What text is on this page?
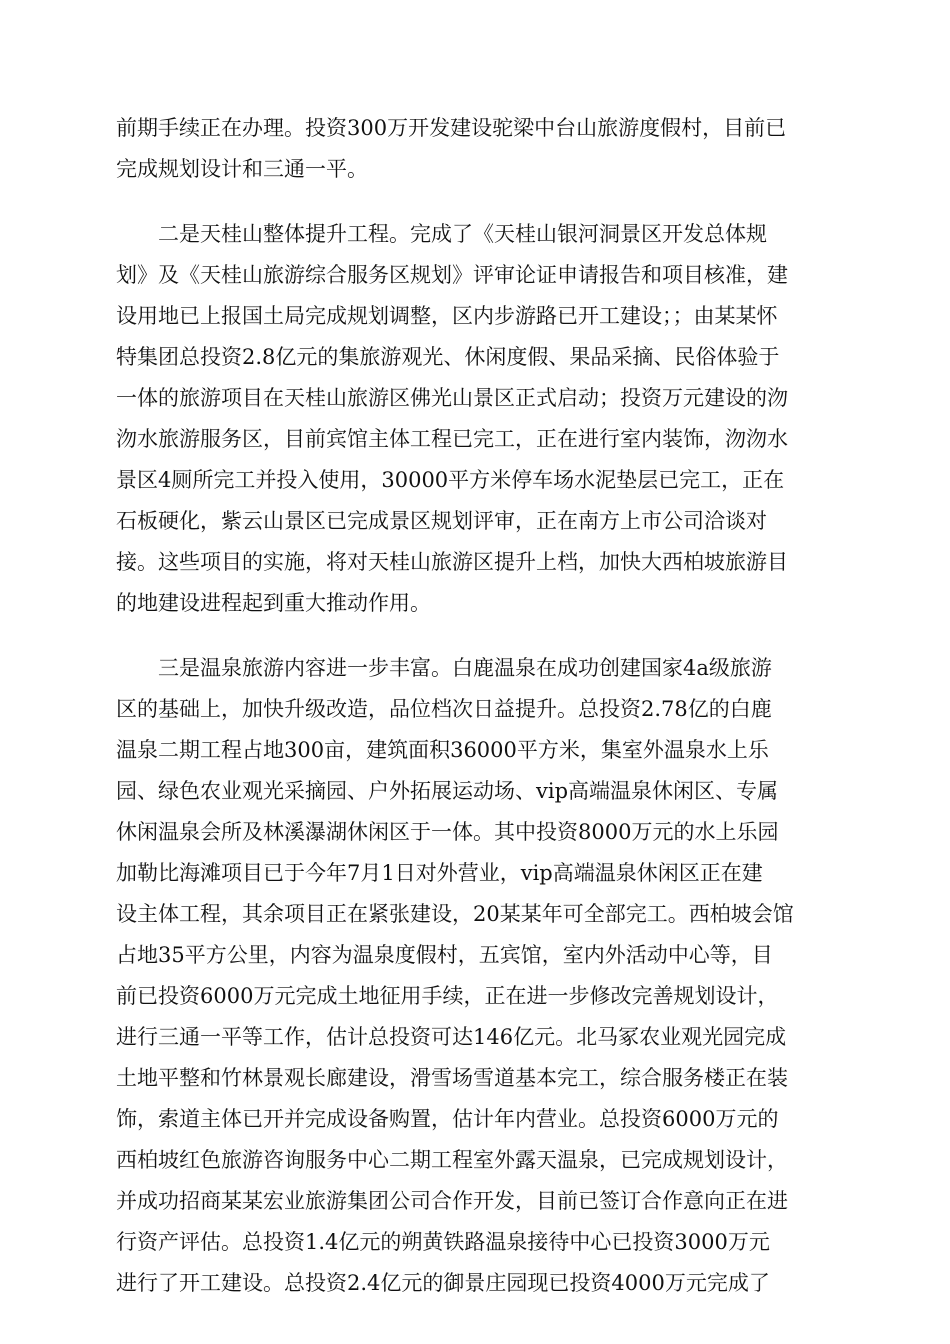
前期手续正在办理。投资300万开发建设驼梁中台山旅游度假村，目前已
完成规划设计和三通一平。
　　二是天桂山整体提升工程。完成了《天桂山银河洞景区开发总体规
划》及《天桂山旅游综合服务区规划》评审论证申请报告和项目核准，建
设用地已上报国土局完成规划调整，区内步游路已开工建设；；由某某怀
特集团总投资2.8亿元的集旅游观光、休闲度假、果品采摘、民俗体验于
一体的旅游项目在天桂山旅游区佛光山景区正式启动；投资万元建设的沕
沕水旅游服务区，目前宾馆主体工程已完工，正在进行室内装饰，沕沕水
景区4厕所完工并投入使用，30000平方米停车场水泥垫层已完工，正在
石板硬化，紫云山景区已完成景区规划评审，正在南方上市公司洽谈对
接。这些项目的实施，将对天桂山旅游区提升上档，加快大西柏坡旅游目
的地建设进程起到重大推动作用。
　　三是温泉旅游内容进一步丰富。白鹿温泉在成功创建国家4a级旅游
区的基础上，加快升级改造，品位档次日益提升。总投资2.78亿的白鹿
温泉二期工程占地300亩，建筑面积36000平方米，集室外温泉水上乐
园、绿色农业观光采摘园、户外拓展运动场、vip高端温泉休闲区、专属
休闲温泉会所及林溪瀑湖休闲区于一体。其中投资8000万元的水上乐园
加勒比海滩项目已于今年7月1日对外营业，vip高端温泉休闲区正在建
设主体工程，其余项目正在紧张建设，20某某年可全部完工。西柏坡会馆
占地35平方公里，内容为温泉度假村，五宾馆，室内外活动中心等，目
前已投资6000万元完成土地征用手续，正在进一步修改完善规划设计，
进行三通一平等工作，估计总投资可达146亿元。北马冢农业观光园完成
土地平整和竹林景观长廊建设，滑雪场雪道基本完工，综合服务楼正在装
饰，索道主体已开并完成设备购置，估计年内营业。总投资6000万元的
西柏坡红色旅游咨询服务中心二期工程室外露天温泉，已完成规划设计，
并成功招商某某宏业旅游集团公司合作开发，目前已签订合作意向正在进
行资产评估。总投资1.4亿元的朔黄铁路温泉接待中心已投资3000万元
进行了开工建设。总投资2.4亿元的御景庄园现已投资4000万元完成了
